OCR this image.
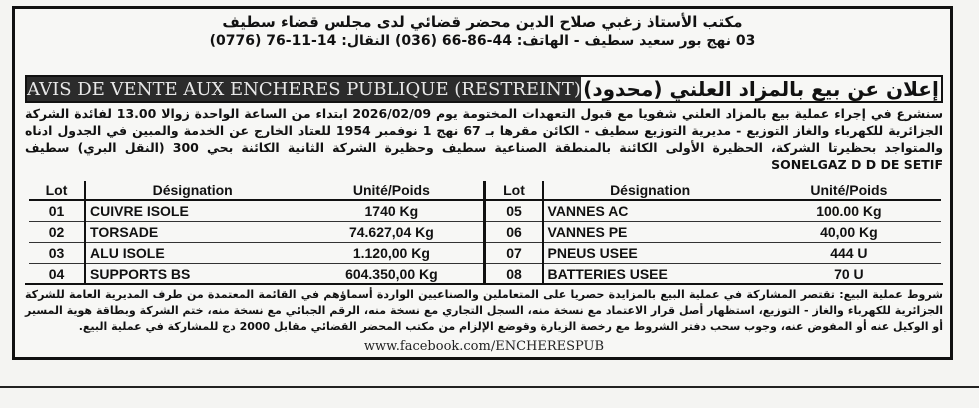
مكتب الأستاذ زغبي صلاح الدين محضر قضائي لدى مجلس قضاء سطيف
03 نهج بور سعيد سطيف - الهاتف: 44-86-66 (036) النقال: 14-11-76 (0776)
AVIS DE VENTE AUX ENCHERES PUBLIQUE (RESTREINT) إعلان عن بيع بالمزاد العلني (محدود)
سنشرع في إجراء عملية بيع بالمزاد العلني شفويا مع قبول التعهدات المختومة يوم 2026/02/09 ابتداء من الساعة الواحدة زوالا 13.00 لفائدة الشركة الجزائرية للكهرباء والغاز التوزيع - مديرية التوزيع سطيف - الكائن مقرها بـ 67 نهج 1 نوفمبر 1954 للعتاد الخارج عن الخدمة والمبين في الجدول ادناه والمتواجد بحظيرتا الشركة، الحظيرة الأولى الكائنة بالمنطقة الصناعية سطيف وحظيرة الشركة الثانية الكائنة بحي 300 (النقل البري) سطيف SONELGAZ D D DE SETIF
Lot	Désignation	Unité/Poids	Lot	Désignation	Unité/Poids
01	CUIVRE ISOLE	1740 Kg	05	VANNES AC	100.00 Kg
02	TORSADE	74.627,04 Kg	06	VANNES PE	40,00 Kg
03	ALU ISOLE	1.120,00 Kg	07	PNEUS USEE	444 U
04	SUPPORTS BS	604.350,00 Kg	08	BATTERIES USEE	70 U
شروط عملية البيع: تقتصر المشاركة في عملية البيع بالمزايدة حصريا على المتعاملين والصناعيين الواردة أسماؤهم في القائمة المعتمدة من طرف المديرية العامة للشركة الجزائرية للكهرباء والغاز - التوزيع، استظهار أصل قرار الاعتماد مع نسخة منه، السجل التجاري مع نسخة منه، الرقم الجبائي مع نسخة منه، ختم الشركة وبطاقة هوية المسير أو الوكيل عنه أو المفوض عنه، وجوب سحب دفتر الشروط مع رخصة الزيارة وقوضع الإلزام من مكتب المحضر القضائي مقابل 2000 دج للمشاركة في عملية البيع.
www.facebook.com/ENCHERESPUB
